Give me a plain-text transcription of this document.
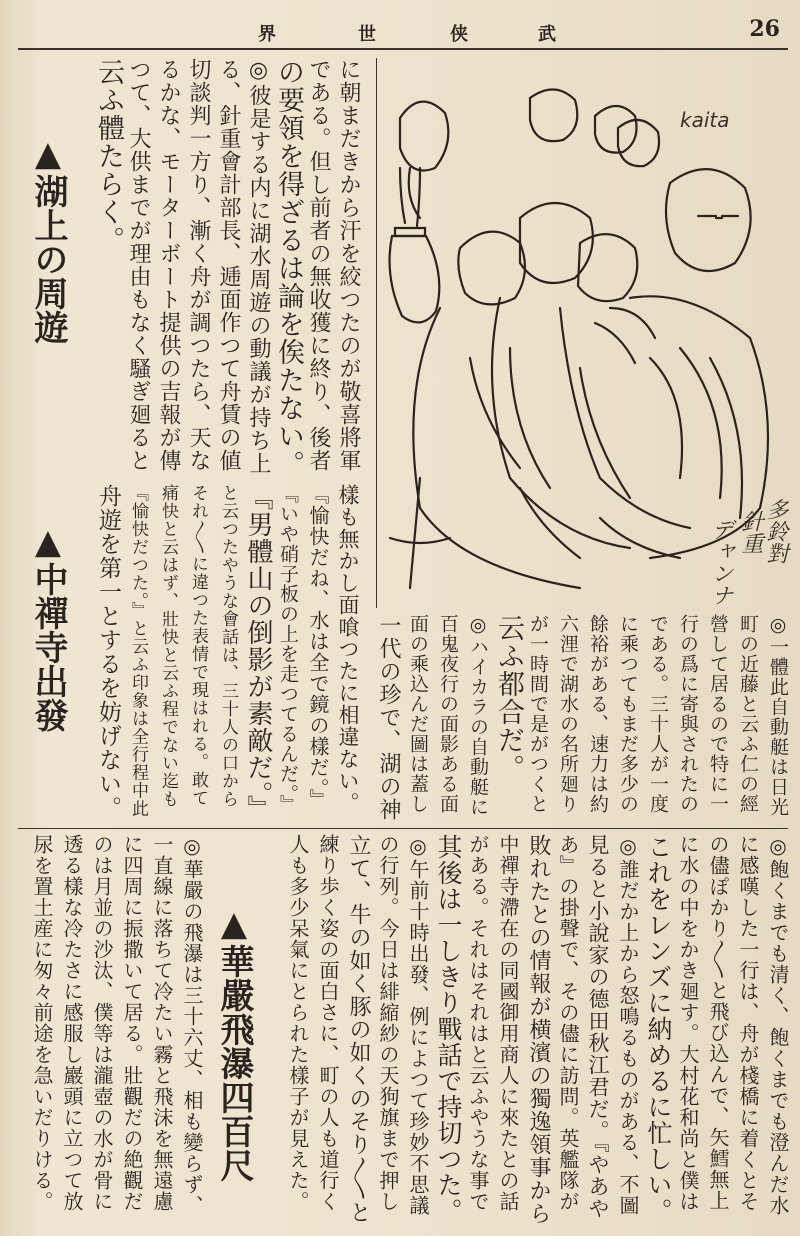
界	世	侠	武	26
kaita
多鈴對
針重
デャンナ
▲湖上の周遊
▲中禪寺出發
▲華嚴飛瀑四百尺
に朝まだきから汗を絞つたのが敬喜將軍
である。但し前者の無收獲に終り、後者
の要領を得ざるは論を俟たない。
◎彼是する内に湖水周遊の動議が持ち上
る、針重會計部長、逓面作つて舟賃の値
切談判一方り、漸く舟が調つたら、天な
るかな、モーターボート提供の吉報が傳
つて、大供までが理由もなく騷ぎ廻ると
云ふ體たらく。
樣も無かし面喰つたに相違ない。
『愉快だね、水は全で鏡の樣だ。』
『いや硝子板の上を走つてるんだ。』
『男體山の倒影が素敵だ。』
と云つたやうな會話は、三十人の口から
それ〳〵に違つた表情で現はれる。敢て
痛快と云はず、壯快と云ふ程でない迄も
『愉快だつた。』と云ふ印象は全行程中此
舟遊を第一とするを妨げない。	◎一體此自動艇は日光
町の近藤と云ふ仁の經
營して居るので特に一
行の爲に寄與されたの
である。三十人が一度
に乘つてもまだ多少の
餘裕がある、速力は約
六浬で湖水の名所廻り
が一時間で是がつくと
云ふ都合だ。
◎ハイカラの自動艇に
百鬼夜行の面影ある面
面の乘込んだ圖は蓋し
一代の珍で、湖の神
◎飽くまでも清く、飽くまでも澄んだ水
に感嘆した一行は、舟が棧橋に着くとそ
の儘ぽかり〳〵と飛び込んで、矢鱈無上
に水の中をかき廻す。大村花和尚と僕は
これをレンズに納めるに忙しい。
◎誰だか上から怒鳴るものがある、不圖
見ると小說家の德田秋江君だ。『やあや
あ』の掛聲で、その儘に訪問。英艦隊が
敗れたとの情報が横濱の獨逸領事から
中禪寺滯在の同國御用商人に來たとの話
がある。それはそれはと云ふやうな事で
其後は一しきり戰話で持切つた。
◎午前十時出發、例によつて珍妙不思議
の行列。今日は緋縮紗の天狗旗まで押し
立て、牛の如く豚の如くのそり〳〵と
練り歩く姿の面白さに、町の人も道行く
人も多少呆氣にとられた樣子が見えた。
◎華嚴の飛瀑は三十六丈、相も變らず、
一直線に落ちて冷たい霧と飛沫を無遠慮
に四周に振撒いて居る。壯觀だの絶觀だ
のは月並の沙汰、僕等は瀧壺の水が骨に
透る樣な冷たさに感服し巖頭に立つて放
尿を置土産に匆々前途を急いだりける。
